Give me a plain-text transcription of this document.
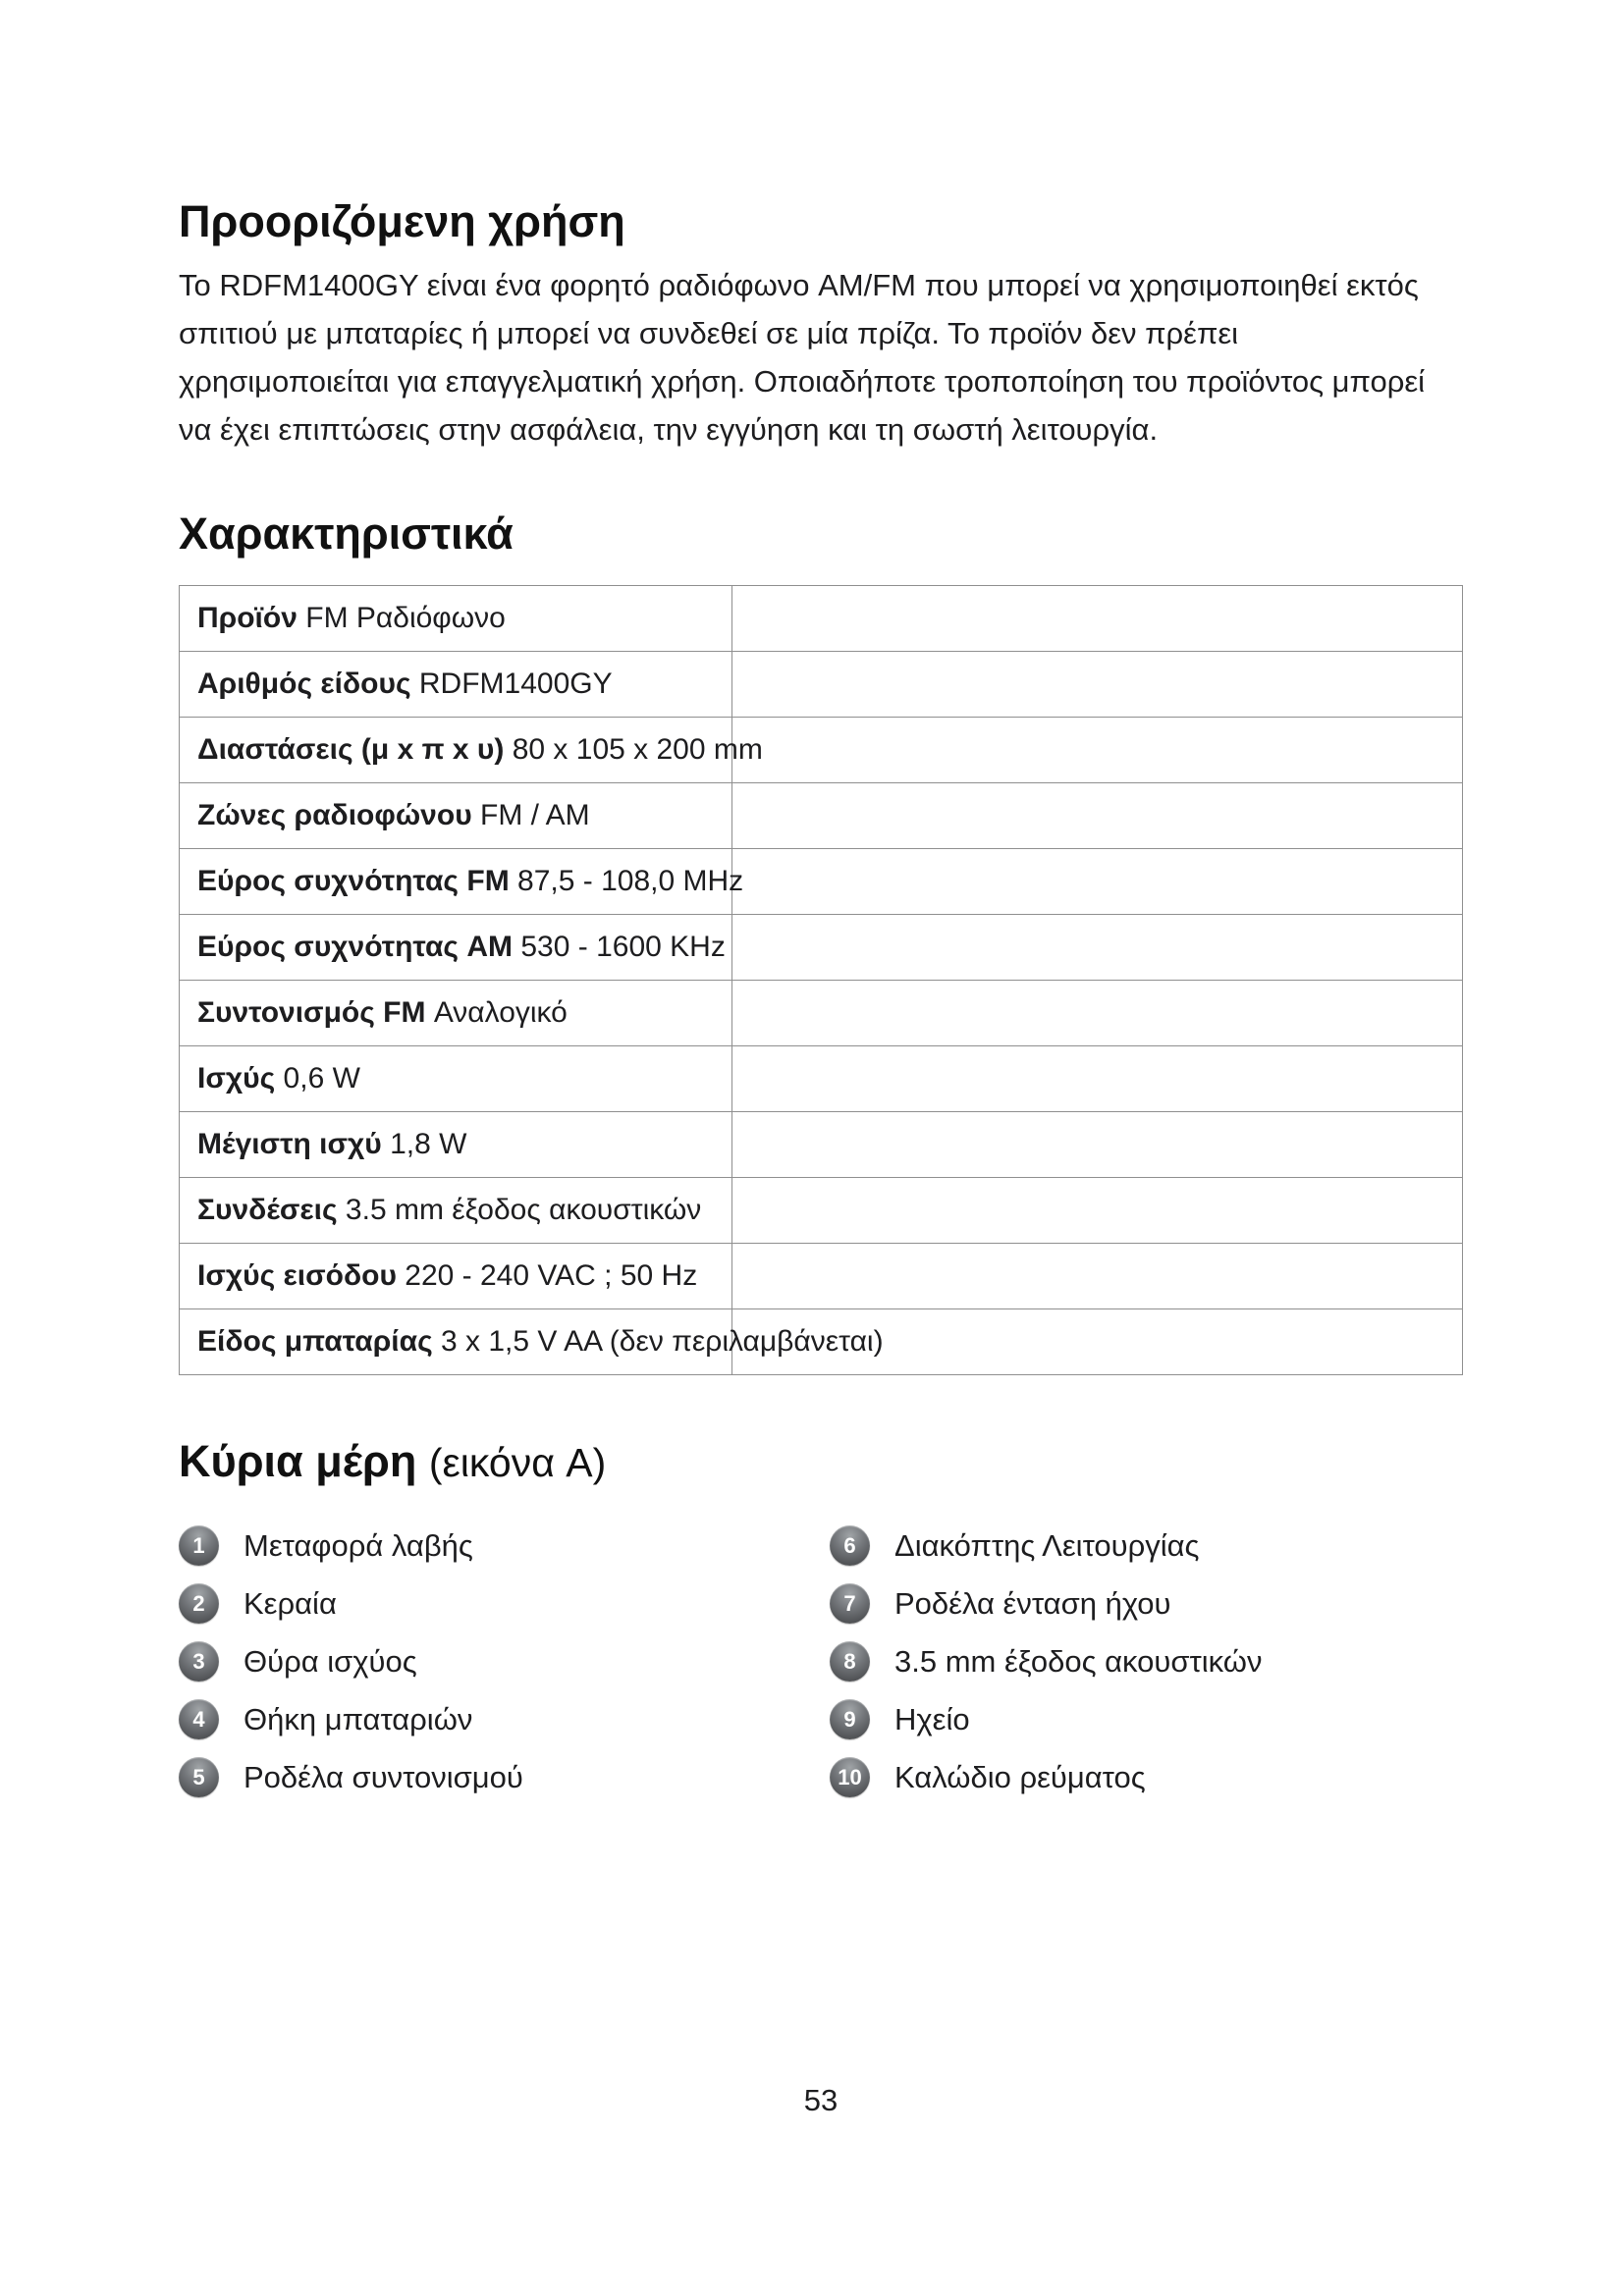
Προοριζόμενη χρήση

Το RDFM1400GY είναι ένα φορητό ραδιόφωνο AM/FM που μπορεί να χρησιμοποιηθεί εκτός σπιτιού με μπαταρίες ή μπορεί να συνδεθεί σε μία πρίζα. Το προϊόν δεν πρέπει χρησιμοποιείται για επαγγελματική χρήση. Οποιαδήποτε τροποποίηση του προϊόντος μπορεί να έχει επιπτώσεις στην ασφάλεια, την εγγύηση και τη σωστή λειτουργία.

Χαρακτηριστικά
Προϊόν FM Ραδιόφωνο
Αριθμός είδους RDFM1400GY
Διαστάσεις (μ x π x υ) 80 x 105 x 200 mm
Ζώνες ραδιοφώνου FM / AM
Εύρος συχνότητας FM 87,5 - 108,0 MHz
Εύρος συχνότητας AM 530 - 1600 KHz
Συντονισμός FM Αναλογικό
Ισχύς 0,6 W
Μέγιστη ισχύ 1,8 W
Συνδέσεις 3.5 mm έξοδος ακουστικών
Ισχύς εισόδου 220 - 240 VAC ; 50 Hz
Είδος μπαταρίας 3 x 1,5 V AA (δεν περιλαμβάνεται)
Κύρια μέρη (εικόνα A)
1	Μεταφορά λαβής
2	Κεραία
3	Θύρα ισχύος
4	Θήκη μπαταριών
5	Ροδέλα συντονισμού
6	Διακόπτης Λειτουργίας
7	Ροδέλα ένταση ήχου
8	3.5 mm έξοδος ακουστικών
9	Ηχείο
10 Καλώδιο ρεύματος
53
